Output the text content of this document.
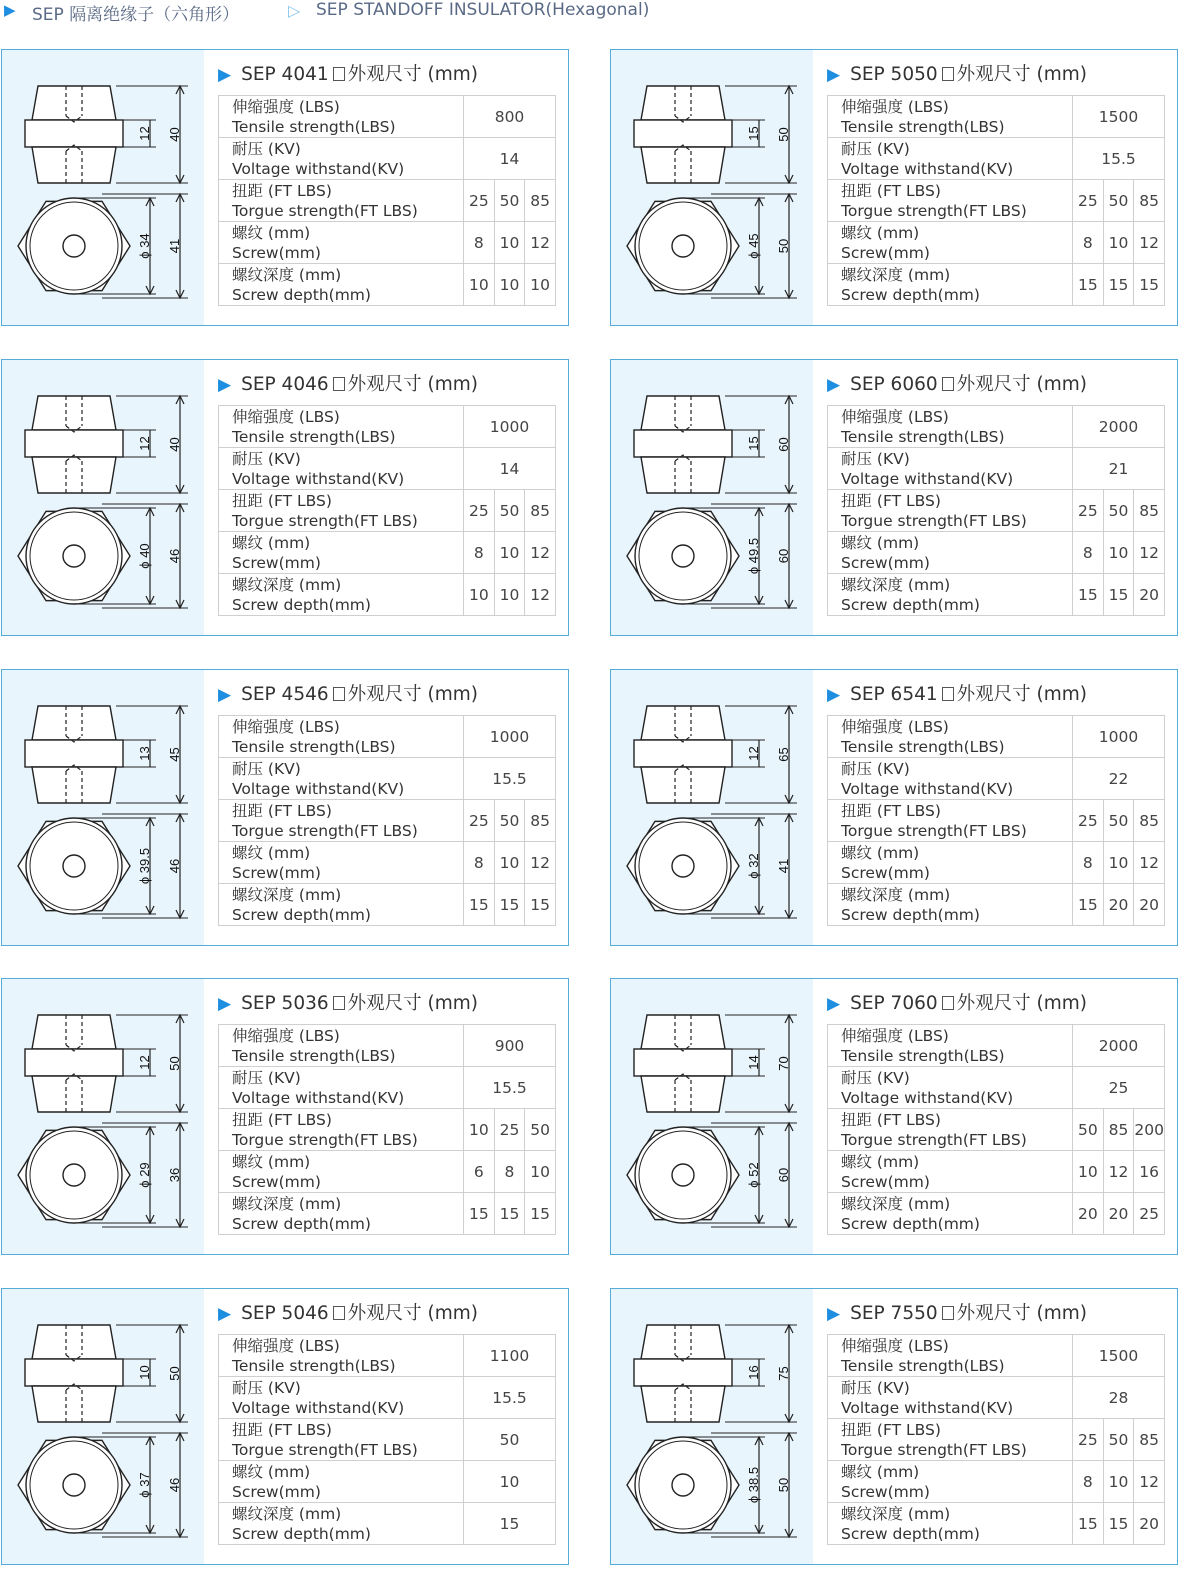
▶ SEP 隔离绝缘子（六角形）	▷ SEP STANDOFF INSULATOR(Hexagonal)
12 40
ϕ 34 41
▶ SEP 4041 外观尺寸 (mm)
伸缩强度 (LBS)
Tensile strength(LBS)	800		

耐压 (KV)
Voltage withstand(KV)	14		

扭距 (FT LBS)
Torgue strength(FT LBS)	25	50	85

螺纹 (mm)
Screw(mm)	8	10	12

螺纹深度 (mm)
Screw depth(mm)	10	10	10
15 50
ϕ 45 50
▶ SEP 5050 外观尺寸 (mm)
伸缩强度 (LBS)
Tensile strength(LBS)	1500		

耐压 (KV)
Voltage withstand(KV)	15.5		

扭距 (FT LBS)
Torgue strength(FT LBS)	25	50	85

螺纹 (mm)
Screw(mm)	8	10	12

螺纹深度 (mm)
Screw depth(mm)	15	15	15
12 40
ϕ 40 46
▶ SEP 4046 外观尺寸 (mm)
伸缩强度 (LBS)
Tensile strength(LBS)	1000		

耐压 (KV)
Voltage withstand(KV)	14		

扭距 (FT LBS)
Torgue strength(FT LBS)	25	50	85

螺纹 (mm)
Screw(mm)	8	10	12

螺纹深度 (mm)
Screw depth(mm)	10	10	12
15 60
ϕ 49.5 60
▶ SEP 6060 外观尺寸 (mm)
伸缩强度 (LBS)
Tensile strength(LBS)	2000		

耐压 (KV)
Voltage withstand(KV)	21		

扭距 (FT LBS)
Torgue strength(FT LBS)	25	50	85

螺纹 (mm)
Screw(mm)	8	10	12

螺纹深度 (mm)
Screw depth(mm)	15	15	20
13 45
ϕ 39.5 46
▶ SEP 4546 外观尺寸 (mm)
伸缩强度 (LBS)
Tensile strength(LBS)	1000		

耐压 (KV)
Voltage withstand(KV)	15.5		

扭距 (FT LBS)
Torgue strength(FT LBS)	25	50	85

螺纹 (mm)
Screw(mm)	8	10	12

螺纹深度 (mm)
Screw depth(mm)	15	15	15
12 65
ϕ 32 41
▶ SEP 6541 外观尺寸 (mm)
伸缩强度 (LBS)
Tensile strength(LBS)	1000		

耐压 (KV)
Voltage withstand(KV)	22		

扭距 (FT LBS)
Torgue strength(FT LBS)	25	50	85

螺纹 (mm)
Screw(mm)	8	10	12

螺纹深度 (mm)
Screw depth(mm)	15	20	20
12 50
ϕ 29 36
▶ SEP 5036 外观尺寸 (mm)
伸缩强度 (LBS)
Tensile strength(LBS)	900		

耐压 (KV)
Voltage withstand(KV)	15.5		

扭距 (FT LBS)
Torgue strength(FT LBS)	10	25	50

螺纹 (mm)
Screw(mm)	6	8	10

螺纹深度 (mm)
Screw depth(mm)	15	15	15
14 70
ϕ 52 60
▶ SEP 7060 外观尺寸 (mm)
伸缩强度 (LBS)
Tensile strength(LBS)	2000		

耐压 (KV)
Voltage withstand(KV)	25		

扭距 (FT LBS)
Torgue strength(FT LBS)	50	85	200

螺纹 (mm)
Screw(mm)	10	12	16

螺纹深度 (mm)
Screw depth(mm)	20	20	25
10 50
ϕ 37 46
▶ SEP 5046 外观尺寸 (mm)
伸缩强度 (LBS)
Tensile strength(LBS)	1100

耐压 (KV)
Voltage withstand(KV)	15.5

扭距 (FT LBS)
Torgue strength(FT LBS)	50

螺纹 (mm)
Screw(mm)	10

螺纹深度 (mm)
Screw depth(mm)	15
16 75
ϕ 38.5 50
▶ SEP 7550 外观尺寸 (mm)
伸缩强度 (LBS)
Tensile strength(LBS)	1500		

耐压 (KV)
Voltage withstand(KV)	28		

扭距 (FT LBS)
Torgue strength(FT LBS)	25	50	85

螺纹 (mm)
Screw(mm)	8	10	12

螺纹深度 (mm)
Screw depth(mm)	15	15	20
